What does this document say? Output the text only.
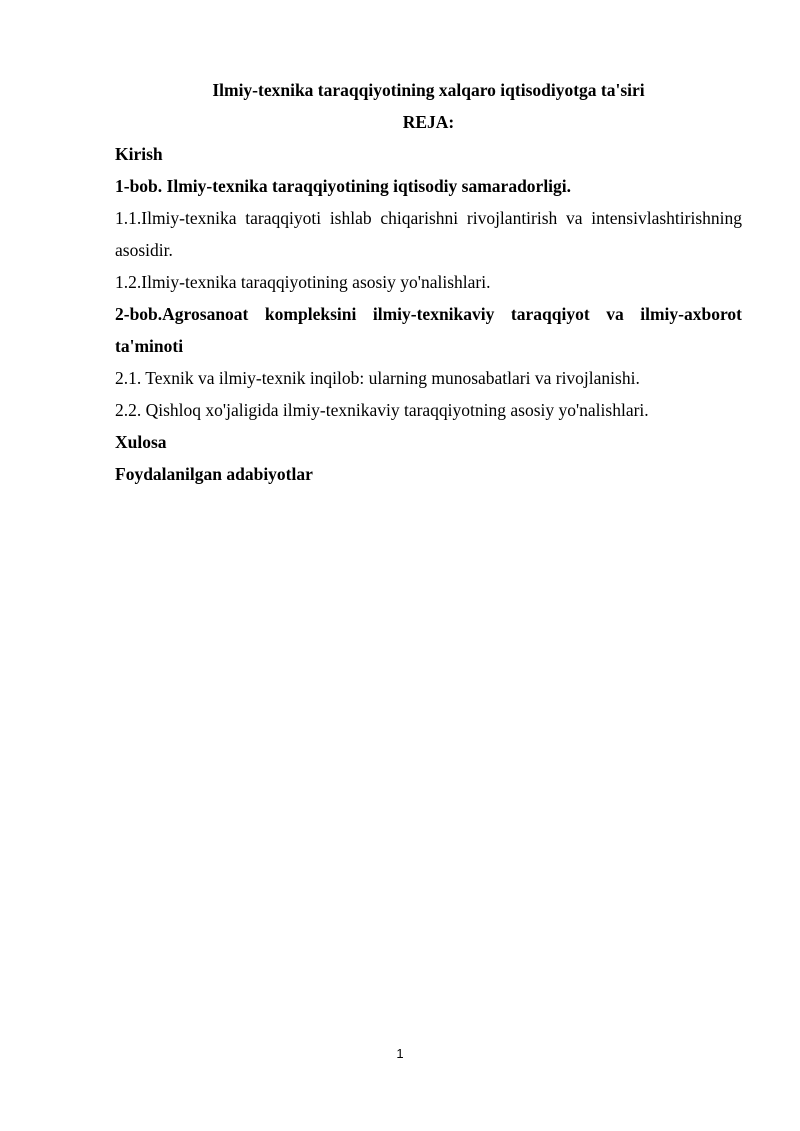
Ilmiy-texnika taraqqiyotining xalqaro iqtisodiyotga ta'siri

REJA:

Kirish

1-bob. Ilmiy-texnika taraqqiyotining iqtisodiy samaradorligi.

1.1.Ilmiy-texnika taraqqiyoti ishlab chiqarishni rivojlantirish va intensivlashtirishning asosidir.

1.2.Ilmiy-texnika taraqqiyotining asosiy yo'nalishlari.

2-bob.Agrosanoat kompleksini ilmiy-texnikaviy taraqqiyot va ilmiy-axborot ta'minoti

2.1. Texnik va ilmiy-texnik inqilob: ularning munosabatlari va rivojlanishi.

2.2. Qishloq xo'jaligida ilmiy-texnikaviy taraqqiyotning asosiy yo'nalishlari.

Xulosa

Foydalanilgan adabiyotlar

1
